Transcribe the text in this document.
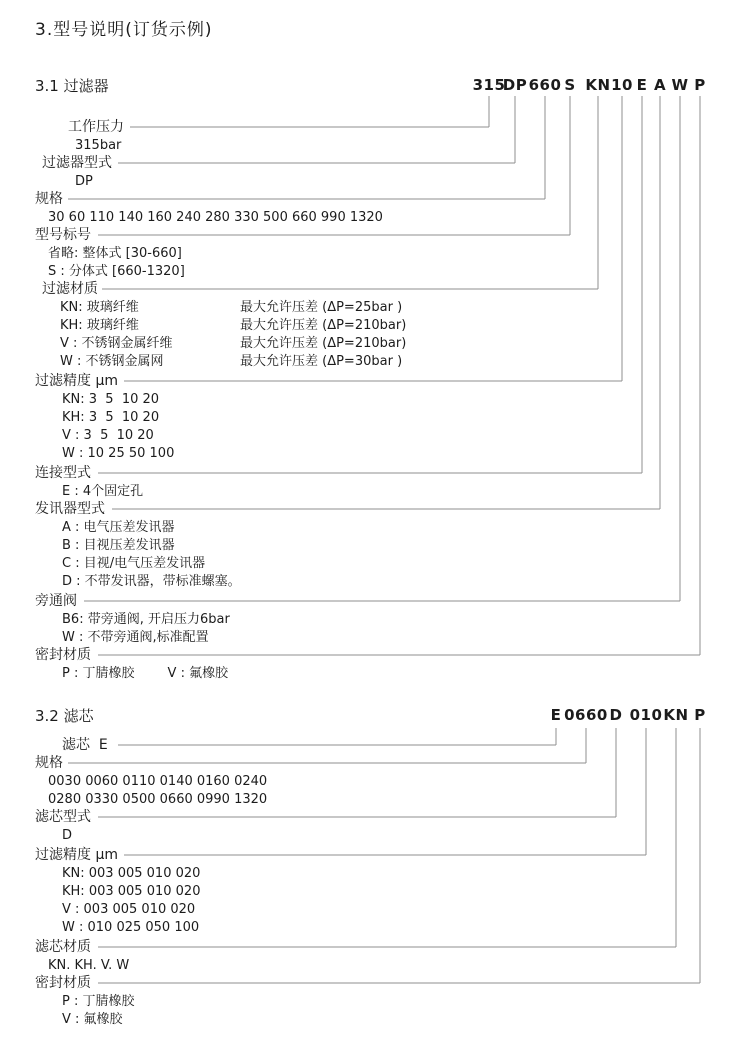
3.型号说明(订货示例)
3.1 过滤器	315
DP 660 S KN 10 E A W P
工作压力
315bar
过滤器型式
DP
规格
30 60 110 140 160 240 280 330 500 660 990 1320
型号标号
省略: 整体式 [30-660]
S : 分体式 [660-1320]
过滤材质
KN: 玻璃纤维
KH: 玻璃纤维
V : 不锈钢金属纤维
W : 不锈钢金属网
最大允许压差 (ΔP=25bar )
最大允许压差 (ΔP=210bar)
最大允许压差 (ΔP=210bar)
最大允许压差 (ΔP=30bar )
过滤精度 μm
KN: 3  5  10 20
KH: 3  5  10 20
V : 3  5  10 20
W : 10 25 50 100
连接型式
E : 4个固定孔
发讯器型式
A : 电气压差发讯器
B : 目视压差发讯器
C : 目视/电气压差发讯器
D : 不带发讯器，带标准螺塞。
旁通阀
B6: 带旁通阀, 开启压力6bar
W : 不带旁通阀,标准配置
密封材质
P : 丁腈橡胶        V : 氟橡胶
3.2 滤芯	E 0660 D 010 KN P
滤芯  E
规格
0030 0060 0110 0140 0160 0240
0280 0330 0500 0660 0990 1320
滤芯型式
D
过滤精度 μm
KN: 003 005 010 020
KH: 003 005 010 020
V : 003 005 010 020
W : 010 025 050 100
滤芯材质
KN. KH. V. W
密封材质
P : 丁腈橡胶
V : 氟橡胶
